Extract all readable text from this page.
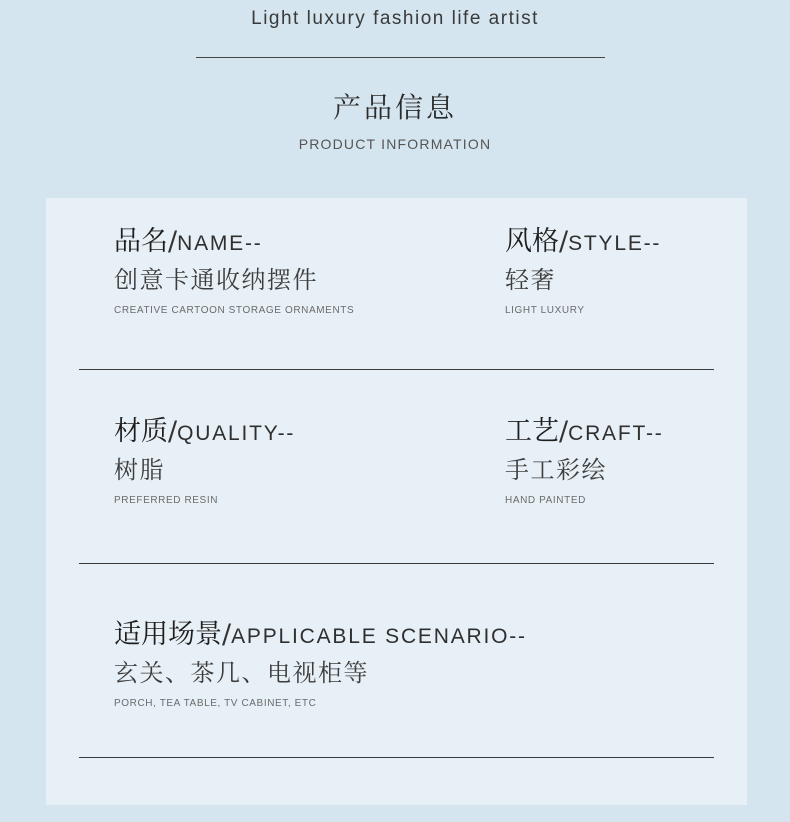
Light luxury fashion life artist
产品信息
PRODUCT INFORMATION
品名/NAME--
创意卡通收纳摆件
CREATIVE CARTOON STORAGE ORNAMENTS
风格/STYLE--
轻奢
LIGHT LUXURY
材质/QUALITY--
树脂
PREFERRED RESIN
工艺/CRAFT--
手工彩绘
HAND PAINTED
适用场景/APPLICABLE SCENARIO--
玄关、茶几、电视柜等
PORCH, TEA TABLE, TV CABINET, ETC
